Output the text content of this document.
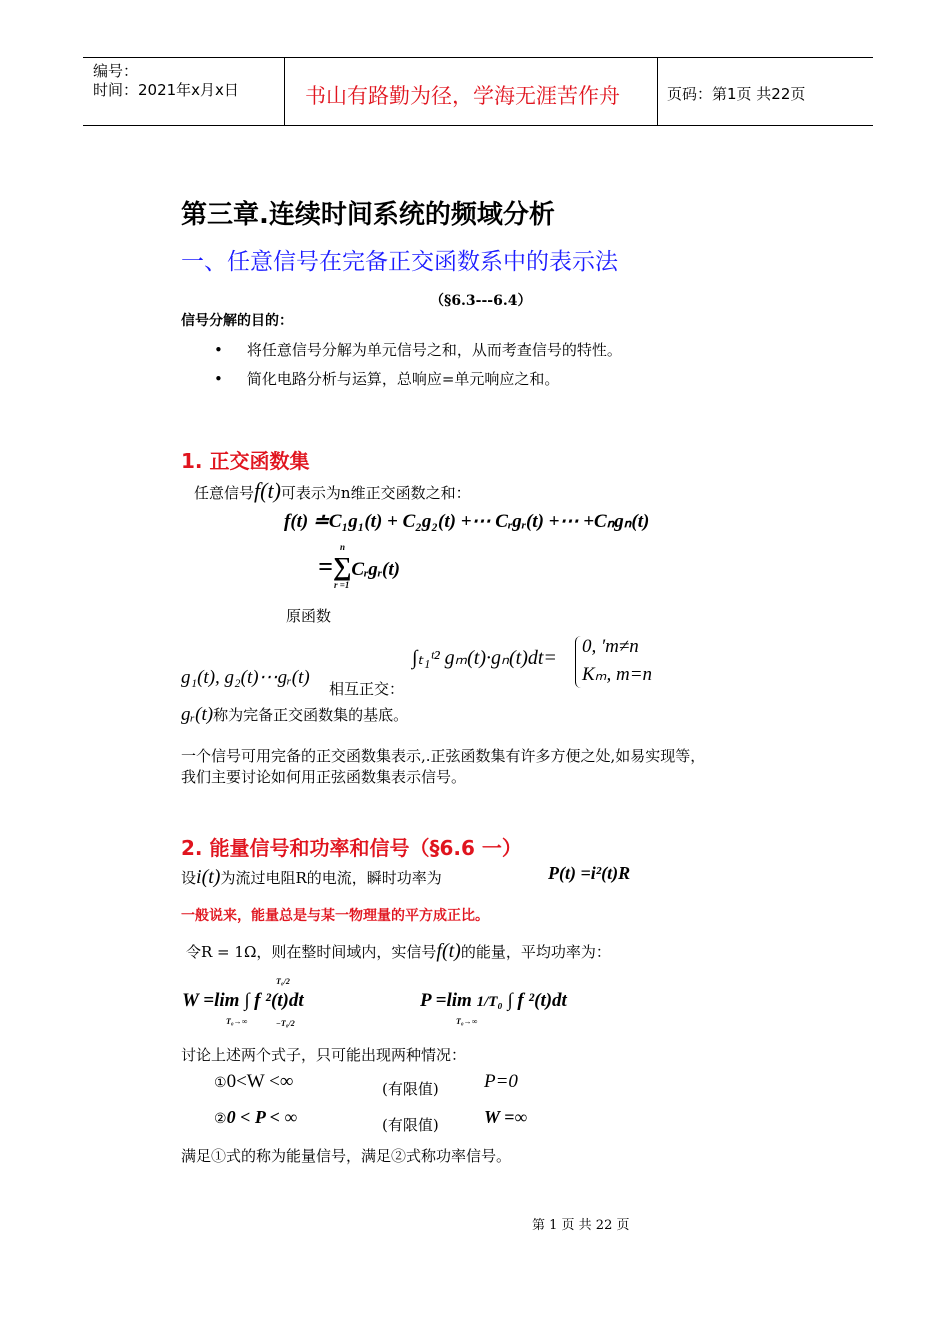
编号：
时间：2021年x月x日	书山有路勤为径，学海无涯苦作舟	页码：第1页 共22页
第三章.连续时间系统的频域分析
一、任意信号在完备正交函数系中的表示法
（§6.3---6.4）
信号分解的目的：
• 将任意信号分解为单元信号之和，从而考查信号的特性。
• 简化电路分析与运算，总响应=单元响应之和。
1. 正交函数集
任意信号f(t)可表示为n维正交函数之和：
f(t) ≐C₁g₁(t) + C₂g₂(t) +⋯ Cᵣgᵣ(t) +⋯ +Cₙgₙ(t)
=∑Cᵣgᵣ(t)
n
r =1
原函数
g₁(t), g₂(t)⋯gᵣ(t)
相互正交：
∫ₜ₁ᵗ² gₘ(t)·gₙ(t)dt=
0, ′m≠n
Kₘ, m=n
gᵣ(t)称为完备正交函数集的基底。
一个信号可用完备的正交函数集表示,.正弦函数集有许多方便之处,如易实现等，
我们主要讨论如何用正弦函数集表示信号。
2. 能量信号和功率和信号（§6.6 一）
设i(t)为流过电阻R的电流，瞬时功率为	P(t) =i²(t)R
一般说来，能量总是与某一物理量的平方成正比。
令R = 1Ω，则在整时间域内，实信号f(t)的能量，平均功率为：
W =lim ∫ f ²(t)dt
T₀→∞
T₀/2
−T₀/2
P =lim 1/T₀ ∫ f ²(t)dt
T₀→∞
讨论上述两个式子，只可能出现两种情况：
①0<W <∞	(有限值) P=0
②0 < P < ∞	(有限值)	W =∞
满足①式的称为能量信号，满足②式称功率信号。
第 1 页 共 22 页
